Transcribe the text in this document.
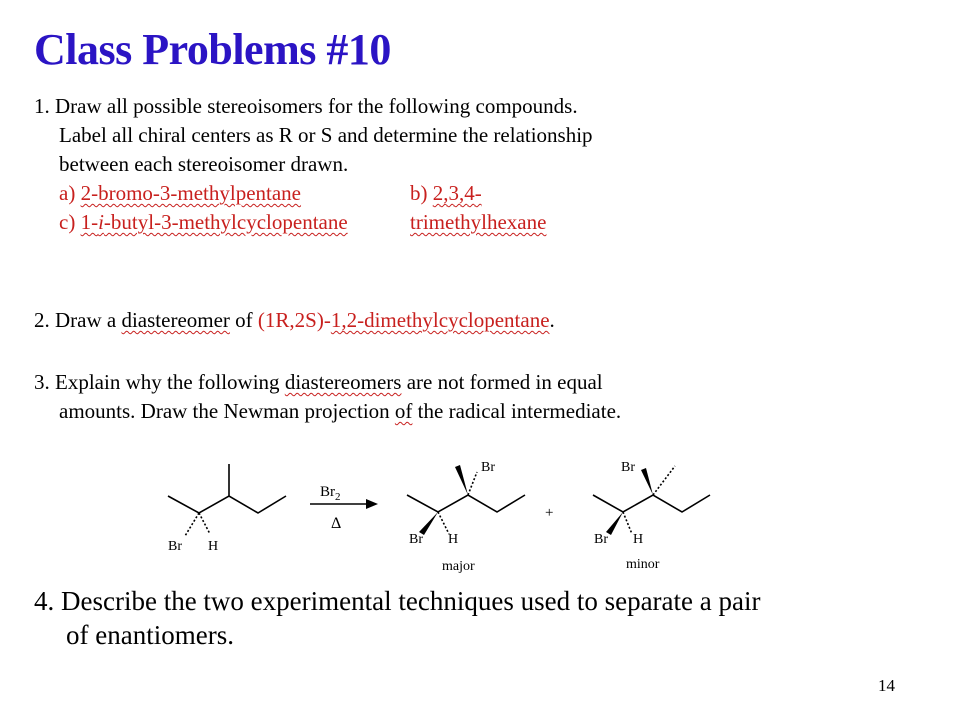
Class Problems #10
1. Draw all possible stereoisomers for the following compounds.
Label all chiral centers as R or S and determine the relationship
between each stereoisomer drawn.
a) 2-bromo-3-methylpentane	b) 2,3,4-trimethylhexane
c) 1-i-butyl-3-methylcyclopentane
2. Draw a diastereomer of (1R,2S)-1,2-dimethylcyclopentane.
3. Explain why the following diastereomers are not formed in equal
amounts. Draw the Newman projection of the radical intermediate.
Br H
$Br_2$
Δ
Br
Br H
major
+
Br
Br H
minor
4. Describe the two experimental techniques used to separate a pair
of enantiomers.
14
